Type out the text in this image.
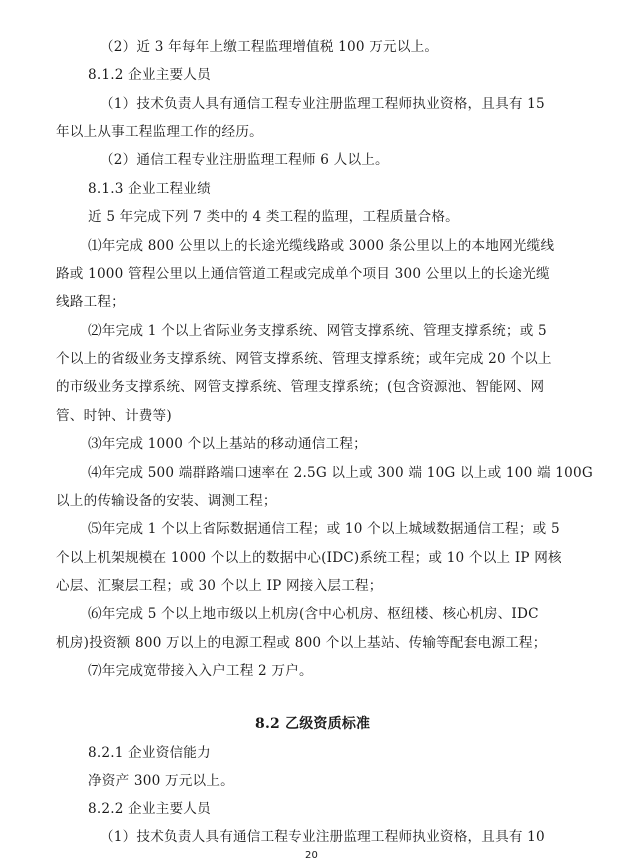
（2）近 3 年每年上缴工程监理增值税 100 万元以上。
8.1.2 企业主要人员
（1）技术负责人具有通信工程专业注册监理工程师执业资格，且具有 15
年以上从事工程监理工作的经历。
（2）通信工程专业注册监理工程师 6 人以上。
8.1.3 企业工程业绩
近 5 年完成下列 7 类中的 4 类工程的监理，工程质量合格。
⑴年完成 800 公里以上的长途光缆线路或 3000 条公里以上的本地网光缆线
路或 1000 管程公里以上通信管道工程或完成单个项目 300 公里以上的长途光缆
线路工程；
⑵年完成 1 个以上省际业务支撑系统、网管支撑系统、管理支撑系统；或 5
个以上的省级业务支撑系统、网管支撑系统、管理支撑系统；或年完成 20 个以上
的市级业务支撑系统、网管支撑系统、管理支撑系统；(包含资源池、智能网、网
管、时钟、计费等)
⑶年完成 1000 个以上基站的移动通信工程；
⑷年完成 500 端群路端口速率在 2.5G 以上或 300 端 10G 以上或 100 端 100G
以上的传输设备的安装、调测工程；
⑸年完成 1 个以上省际数据通信工程；或 10 个以上城域数据通信工程；或 5
个以上机架规模在 1000 个以上的数据中心(IDC)系统工程；或 10 个以上 IP 网核
心层、汇聚层工程；或 30 个以上 IP 网接入层工程；
⑹年完成 5 个以上地市级以上机房(含中心机房、枢纽楼、核心机房、IDC
机房)投资额 800 万以上的电源工程或 800 个以上基站、传输等配套电源工程；
⑺年完成宽带接入入户工程 2 万户。
8.2 乙级资质标准
8.2.1 企业资信能力
净资产 300 万元以上。
8.2.2 企业主要人员
（1）技术负责人具有通信工程专业注册监理工程师执业资格，且具有 10
20
